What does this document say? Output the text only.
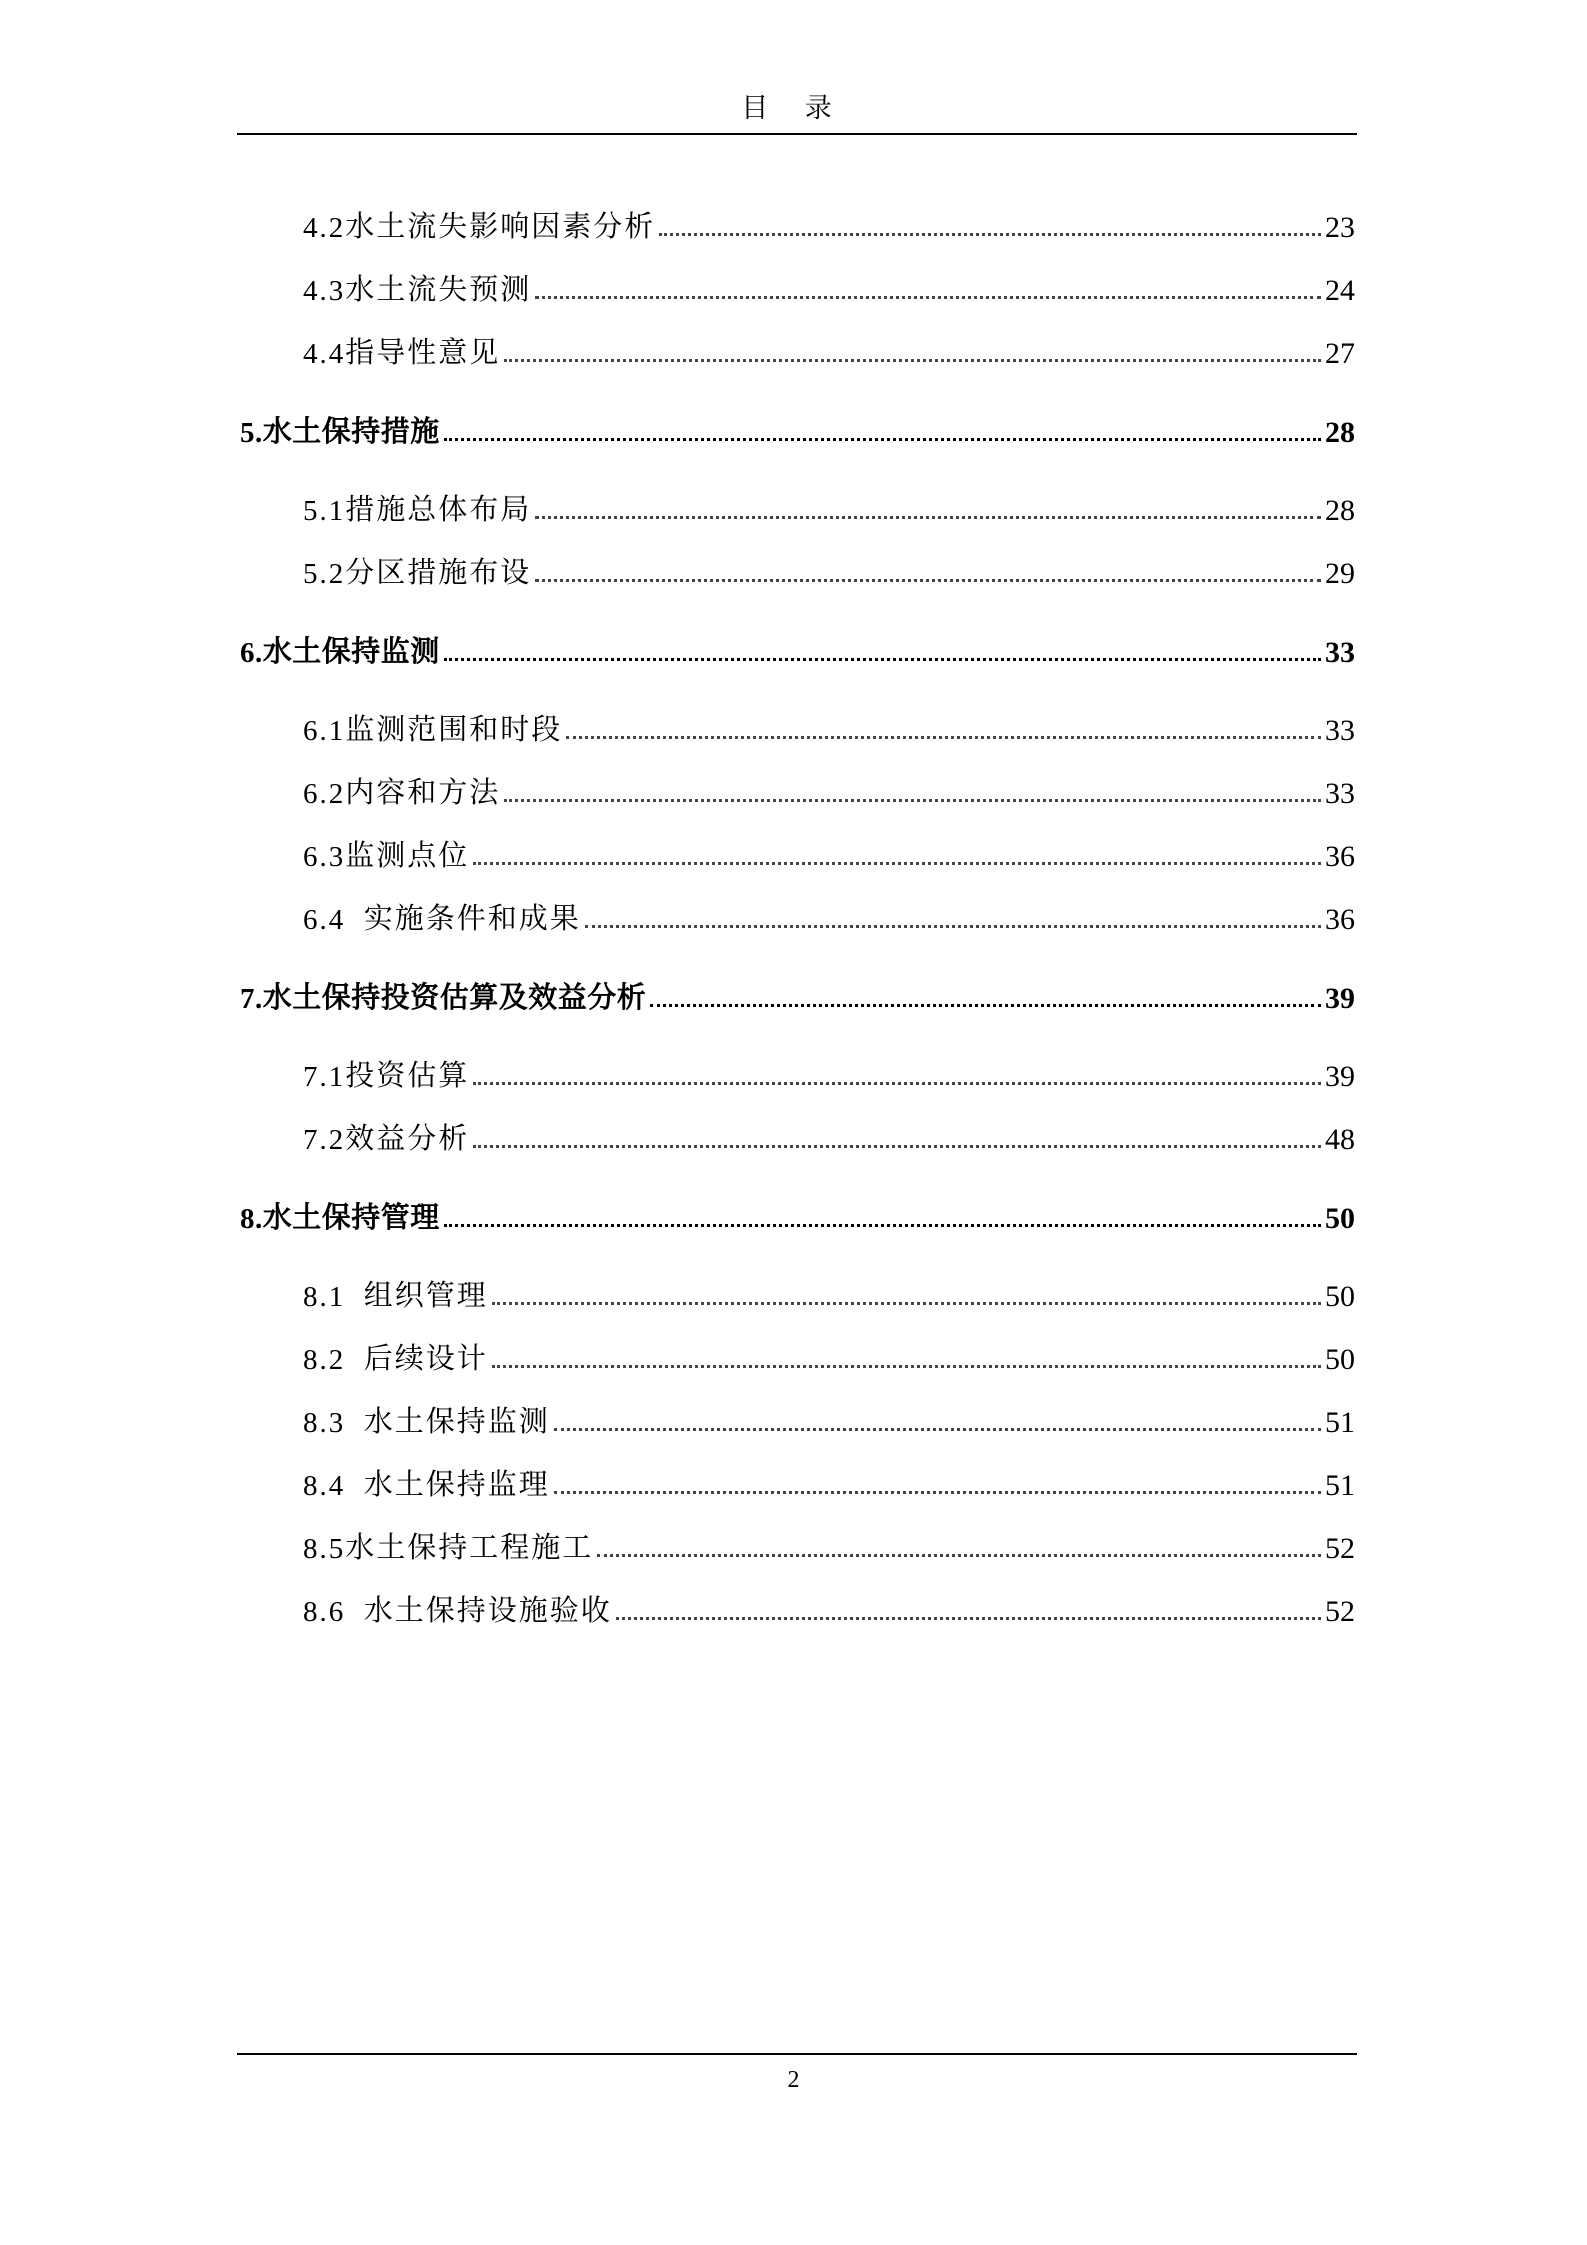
目 录
4.2 水土流失影响因素分析	23
4.3 水土流失预测	24
4.4 指导性意见	27
5. 水土保持措施	28
5.1 措施总体布局	28
5.2 分区措施布设	29
6. 水土保持监测	33
6.1 监测范围和时段	33
6.2 内容和方法	33
6.3 监测点位	36
6.4 实施条件和成果	36
7. 水土保持投资估算及效益分析	39
7.1 投资估算	39
7.2 效益分析	48
8. 水土保持管理	50
8.1 组织管理	50
8.2 后续设计	50
8.3 水土保持监测	51
8.4 水土保持监理	51
8.5 水土保持工程施工	52
8.6 水土保持设施验收	52
2
